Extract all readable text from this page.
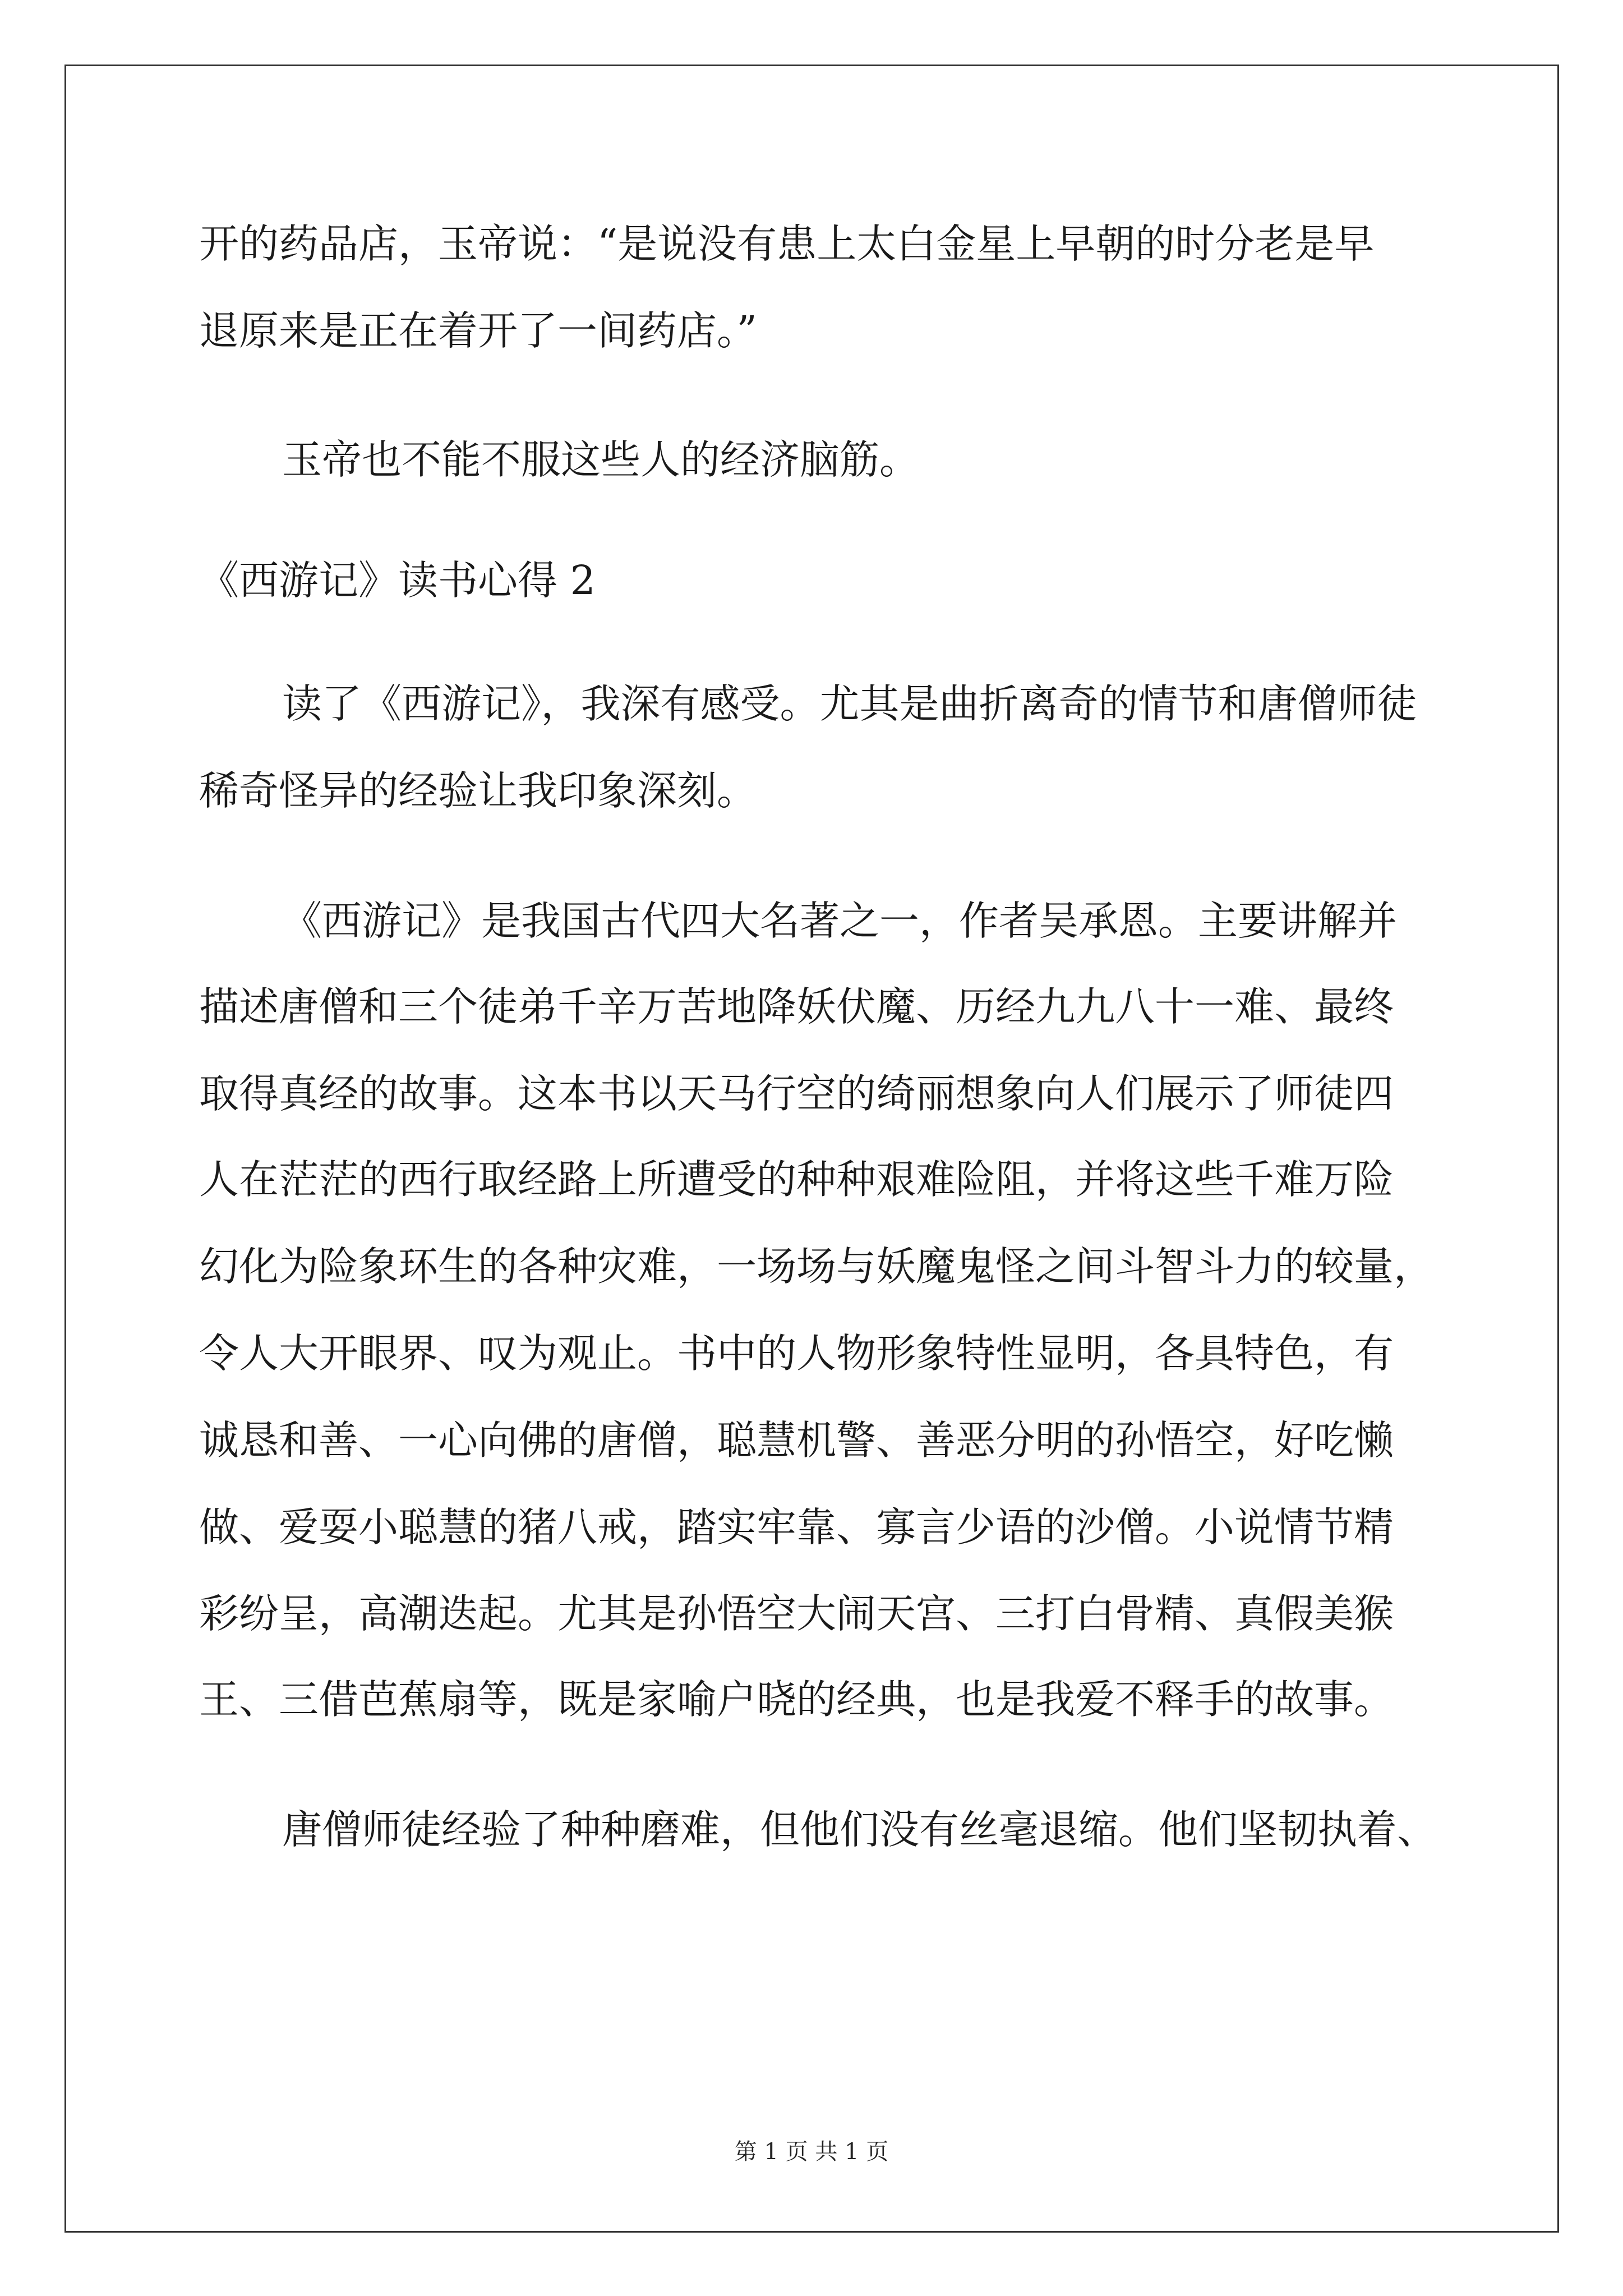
开的药品店，玉帝说：“是说没有患上太白金星上早朝的时分老是早
退原来是正在着开了一间药店。”
玉帝也不能不服这些人的经济脑筋。
《西游记》读书心得 2
读了《西游记》，我深有感受。尤其是曲折离奇的情节和唐僧师徒
稀奇怪异的经验让我印象深刻。
《西游记》是我国古代四大名著之一，作者吴承恩。主要讲解并
描述唐僧和三个徒弟千辛万苦地降妖伏魔、历经九九八十一难、最终
取得真经的故事。这本书以天马行空的绮丽想象向人们展示了师徒四
人在茫茫的西行取经路上所遭受的种种艰难险阻，并将这些千难万险
幻化为险象环生的各种灾难，一场场与妖魔鬼怪之间斗智斗力的较量，
令人大开眼界、叹为观止。书中的人物形象特性显明，各具特色，有
诚恳和善、一心向佛的唐僧，聪慧机警、善恶分明的孙悟空，好吃懒
做、爱耍小聪慧的猪八戒，踏实牢靠、寡言少语的沙僧。小说情节精
彩纷呈，高潮迭起。尤其是孙悟空大闹天宫、三打白骨精、真假美猴
王、三借芭蕉扇等，既是家喻户晓的经典，也是我爱不释手的故事。
唐僧师徒经验了种种磨难，但他们没有丝毫退缩。他们坚韧执着、
第 1 页 共 1 页
